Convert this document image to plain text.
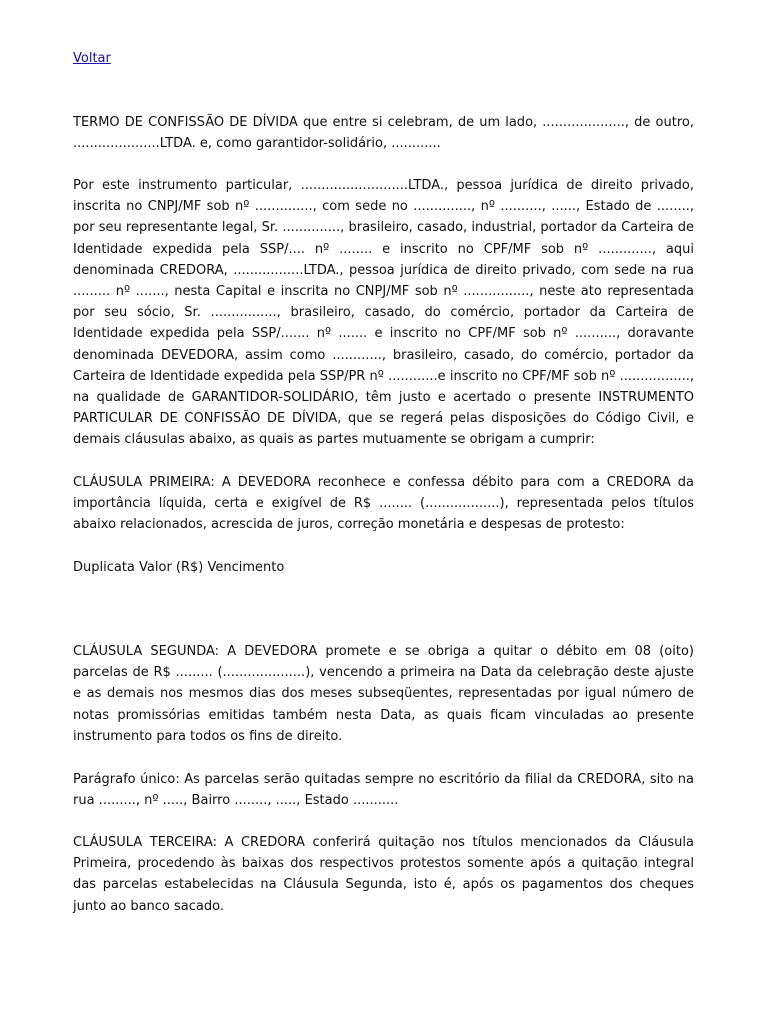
Voltar

TERMO DE CONFISSÃO DE DÍVIDA que entre si celebram, de um lado, ...................., de outro, .....................LTDA. e, como garantidor-solidário, ............

Por este instrumento particular, ..........................LTDA., pessoa jurídica de direito privado, inscrita no CNPJ/MF sob nº .............., com sede no .............., nº .........., ......, Estado de ........, por seu representante legal, Sr. .............., brasileiro, casado, industrial, portador da Carteira de Identidade expedida pela SSP/.... nº ........ e inscrito no CPF/MF sob nº ............., aqui denominada CREDORA, .................LTDA., pessoa jurídica de direito privado, com sede na rua ......... nº ......., nesta Capital e inscrita no CNPJ/MF sob nº ................, neste ato representada por seu sócio, Sr. ................, brasileiro, casado, do comércio, portador da Carteira de Identidade expedida pela SSP/....... nº ....... e inscrito no CPF/MF sob nº .........., doravante denominada DEVEDORA, assim como ............, brasileiro, casado, do comércio, portador da Carteira de Identidade expedida pela SSP/PR nº ............e inscrito no CPF/MF sob nº ................., na qualidade de GARANTIDOR-SOLIDÁRIO, têm justo e acertado o presente INSTRUMENTO PARTICULAR DE CONFISSÃO DE DÍVIDA, que se regerá pelas disposições do Código Civil, e demais cláusulas abaixo, as quais as partes mutuamente se obrigam a cumprir:

CLÁUSULA PRIMEIRA: A DEVEDORA reconhece e confessa débito para com a CREDORA da importância líquida, certa e exigível de R$ ........ (..................), representada pelos títulos abaixo relacionados, acrescida de juros, correção monetária e despesas de protesto:

Duplicata Valor (R$) Vencimento

CLÁUSULA SEGUNDA: A DEVEDORA promete e se obriga a quitar o débito em 08 (oito) parcelas de R$ ......... (....................), vencendo a primeira na Data da celebração deste ajuste e as demais nos mesmos dias dos meses subseqüentes, representadas por igual número de notas promissórias emitidas também nesta Data, as quais ficam vinculadas ao presente instrumento para todos os fins de direito.

Parágrafo único: As parcelas serão quitadas sempre no escritório da filial da CREDORA, sito na rua ........., nº ....., Bairro ........, ....., Estado ...........

CLÁUSULA TERCEIRA: A CREDORA conferirá quitação nos títulos mencionados da Cláusula Primeira, procedendo às baixas dos respectivos protestos somente após a quitação integral das parcelas estabelecidas na Cláusula Segunda, isto é, após os pagamentos dos cheques junto ao banco sacado.
